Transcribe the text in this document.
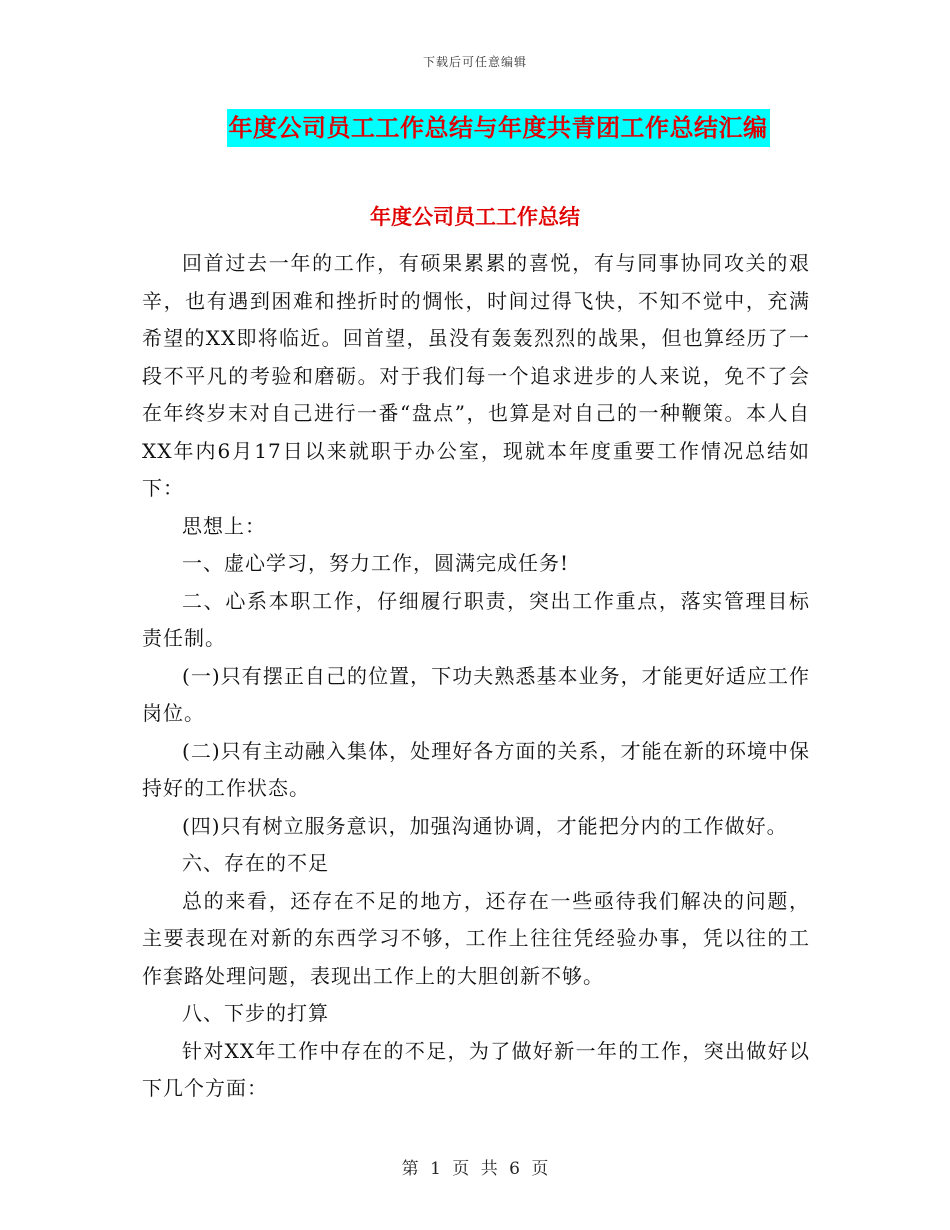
下载后可任意编辑
年度公司员工工作总结与年度共青团工作总结汇编
年度公司员工工作总结

回首过去一年的工作，有硕果累累的喜悦，有与同事协同攻关的艰辛，也有遇到困难和挫折时的惆怅，时间过得飞快，不知不觉中，充满希望的XX即将临近。回首望，虽没有轰轰烈烈的战果，但也算经历了一段不平凡的考验和磨砺。对于我们每一个追求进步的人来说，免不了会在年终岁末对自己进行一番“盘点”，也算是对自己的一种鞭策。本人自XX年内6月17日以来就职于办公室，现就本年度重要工作情况总结如下：

思想上：

一、虚心学习，努力工作，圆满完成任务!

二、心系本职工作，仔细履行职责，突出工作重点，落实管理目标责任制。

(一)只有摆正自己的位置，下功夫熟悉基本业务，才能更好适应工作岗位。

(二)只有主动融入集体，处理好各方面的关系，才能在新的环境中保持好的工作状态。

(四)只有树立服务意识，加强沟通协调，才能把分内的工作做好。

六、存在的不足

总的来看，还存在不足的地方，还存在一些亟待我们解决的问题，主要表现在对新的东西学习不够，工作上往往凭经验办事，凭以往的工作套路处理问题，表现出工作上的大胆创新不够。

八、下步的打算

针对XX年工作中存在的不足，为了做好新一年的工作，突出做好以下几个方面：

第 1 页 共 6 页
